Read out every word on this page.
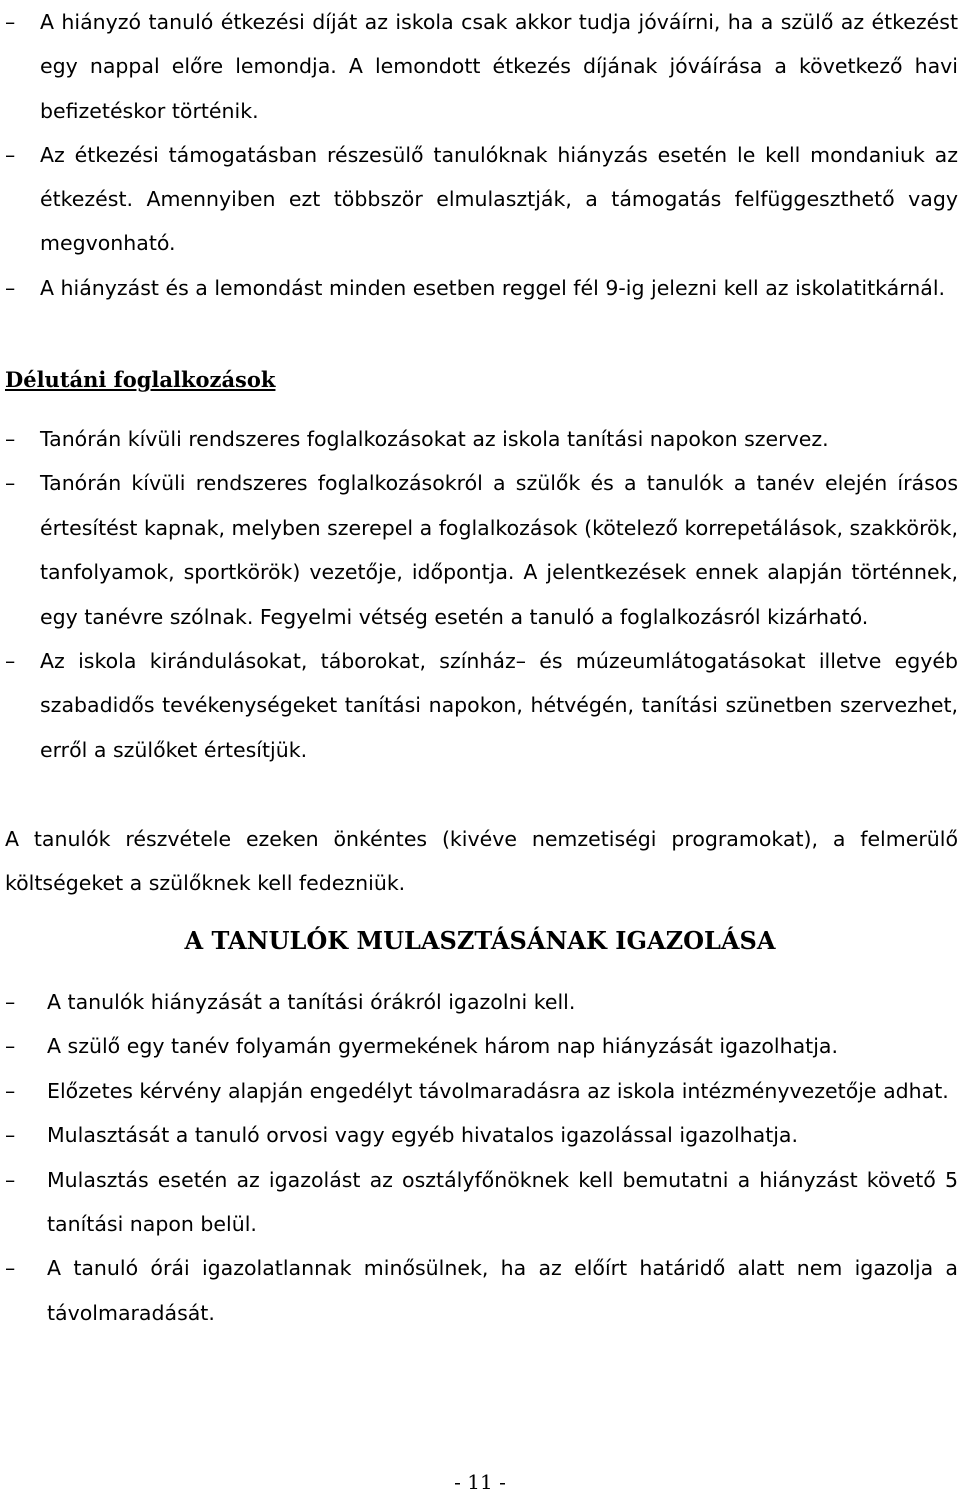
–	A hiányzó tanuló étkezési díját az iskola csak akkor tudja jóváírni, ha a szülő az étkezést egy nappal előre lemondja. A lemondott étkezés díjának jóváírása a következő havi befizetéskor történik.
–	Az étkezési támogatásban részesülő tanulóknak hiányzás esetén le kell mondaniuk az étkezést. Amennyiben ezt többször elmulasztják, a támogatás felfüggeszthető vagy megvonható.
–	A hiányzást és a lemondást minden esetben reggel fél 9-ig jelezni kell az iskolatitkárnál.
Délutáni foglalkozások
–	Tanórán kívüli rendszeres foglalkozásokat az iskola tanítási napokon szervez.
–	Tanórán kívüli rendszeres foglalkozásokról a szülők és a tanulók a tanév elején írásos értesítést kapnak, melyben szerepel a foglalkozások (kötelező korrepetálások, szakkörök, tanfolyamok, sportkörök) vezetője, időpontja. A jelentkezések ennek alapján történnek, egy tanévre szólnak. Fegyelmi vétség esetén a tanuló a foglalkozásról kizárható.
–	Az iskola kirándulásokat, táborokat, színház– és múzeumlátogatásokat illetve egyéb szabadidős tevékenységeket tanítási napokon, hétvégén, tanítási szünetben szervezhet, erről a szülőket értesítjük.
A tanulók részvétele ezeken önkéntes (kivéve nemzetiségi programokat), a felmerülő költségeket a szülőknek kell fedezniük.
A TANULÓK MULASZTÁSÁNAK IGAZOLÁSA
–	A tanulók hiányzását a tanítási órákról igazolni kell.
–	A szülő egy tanév folyamán gyermekének három nap hiányzását igazolhatja.
–	Előzetes kérvény alapján engedélyt távolmaradásra az iskola intézményvezetője adhat.
–	Mulasztását a tanuló orvosi vagy egyéb hivatalos igazolással igazolhatja.
–	Mulasztás esetén az igazolást az osztályfőnöknek kell bemutatni a hiányzást követő 5 tanítási napon belül.
–	A tanuló órái igazolatlannak minősülnek, ha az előírt határidő alatt nem igazolja a távolmaradását.
- 11 -
